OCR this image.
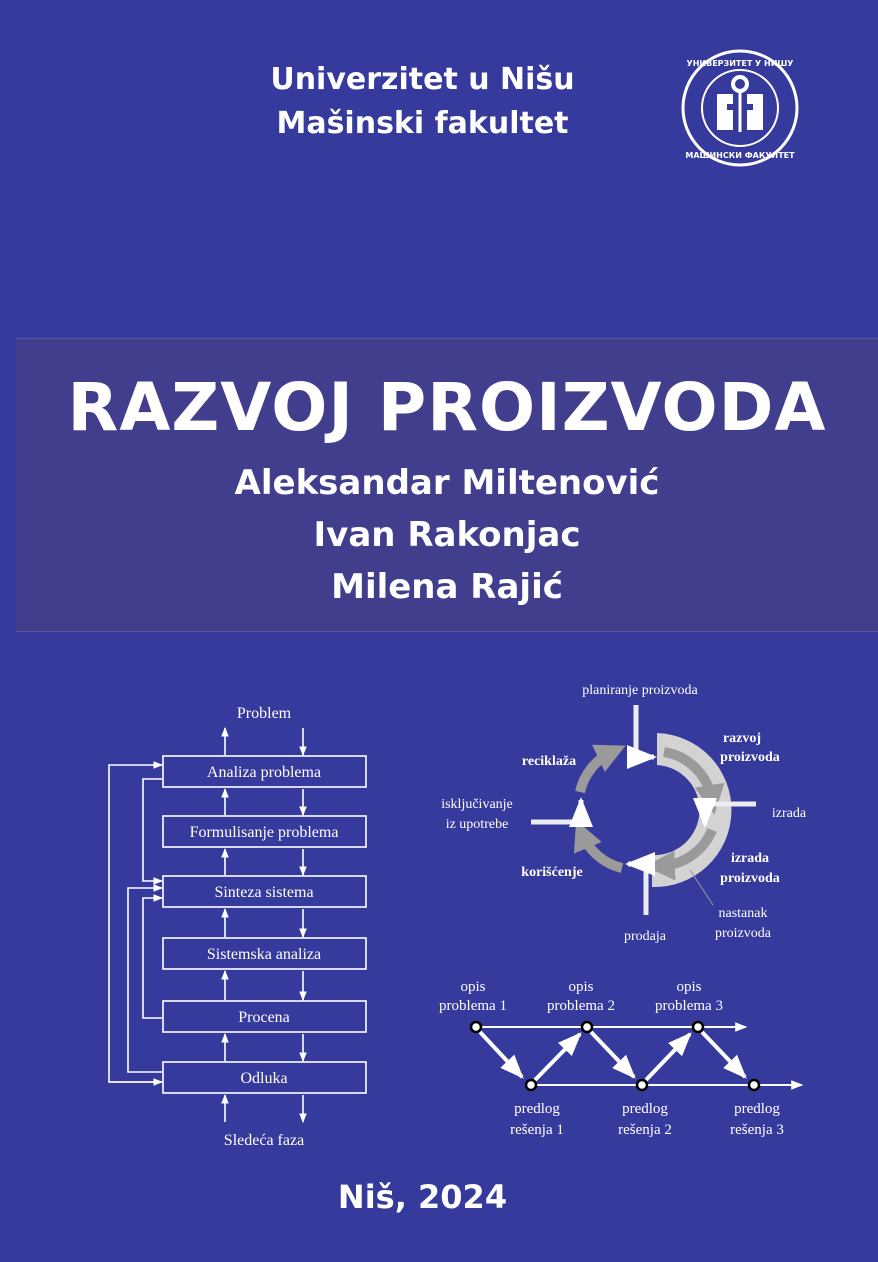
Univerzitet u Nišu
Mašinski fakultet
УНИВЕРЗИТЕТ У НИШУ
МАШИНСКИ ФАКУЛТЕТ
RAZVOJ PROIZVODA
Aleksandar Miltenović
Ivan Rakonjac
Milena Rajić
Problem
Analiza problema
Formulisanje problema
Sinteza sistema
Sistemska analiza
Procena
Odluka
Sledeća faza
planiranje proizvoda
razvoj
proizvoda
izrada
izrada
proizvoda
nastanak
proizvoda
prodaja
korišćenje
isključivanje
iz upotrebe
reciklaža
opis
problema 1
opis
problema 2
opis
problema 3
predlog
rešenja 1
predlog
rešenja 2
predlog
rešenja 3
Niš, 2024
